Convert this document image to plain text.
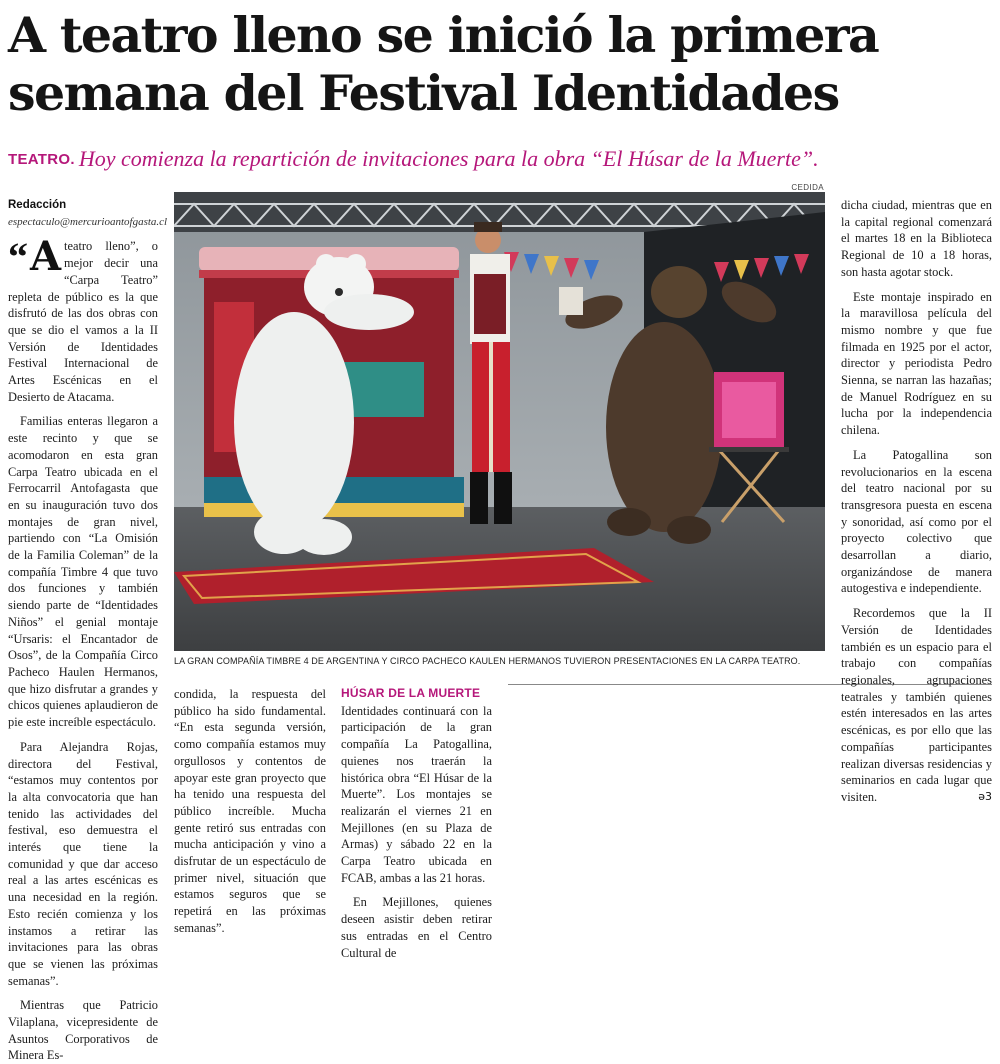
A teatro lleno se inició la primera semana del Festival Identidades
TEATRO. Hoy comienza la repartición de invitaciones para la obra “El Húsar de la Muerte”.
Redacción
espectaculo@mercurioantofgasta.cl

“ A teatro lleno”, o mejor decir una “Carpa Teatro” repleta de público es la que disfrutó de las dos obras con que se dio el vamos a la II Versión de Identidades Festival Internacional de Artes Escénicas en el Desierto de Atacama.

Familias enteras llegaron a este recinto y que se acomodaron en esta gran Carpa Teatro ubicada en el Ferrocarril Antofagasta que en su inauguración tuvo dos montajes de gran nivel, partiendo con “La Omisión de la Familia Coleman” de la compañía Timbre 4 que tuvo dos funciones y también siendo parte de “Identidades Niños” el genial montaje “Ursaris: el Encantador de Osos”, de la Compañía Circo Pacheco Haulen Hermanos, que hizo disfrutar a grandes y chicos quienes aplaudieron de pie este increíble espectáculo.

Para Alejandra Rojas, directora del Festival, “estamos muy contentos por la alta convocatoria que han tenido las actividades del festival, eso demuestra el interés que tiene la comunidad y que dar acceso real a las artes escénicas es una necesidad en la región. Esto recién comienza y los instamos a retirar las invitaciones para las obras que se vienen las próximas semanas”.

Mientras que Patricio Vilaplana, vicepresidente de Asuntos Corporativos de Minera Es-

CEDIDA
LA GRAN COMPAÑÍA TIMBRE 4 DE ARGENTINA Y CIRCO PACHECO KAULEN HERMANOS TUVIERON PRESENTACIONES EN LA CARPA TEATRO.

condida, la respuesta del público ha sido fundamental. “En esta segunda versión, como compañía estamos muy orgullosos y contentos de apoyar este gran proyecto que ha tenido una respuesta del público increíble. Mucha gente retiró sus entradas con mucha anticipación y vino a disfrutar de un espectáculo de primer nivel, situación que estamos seguros que se repetirá en las próximas semanas”.

HÚSAR DE LA MUERTE

Identidades continuará con la participación de la gran compañía La Patogallina, quienes nos traerán la histórica obra “El Húsar de la Muerte”. Los montajes se realizarán el viernes 21 en Mejillones (en su Plaza de Armas) y sábado 22 en la Carpa Teatro ubicada en FCAB, ambas a las 21 horas.

En Mejillones, quienes deseen asistir deben retirar sus entradas en el Centro Cultural de

dicha ciudad, mientras que en la capital regional comenzará el martes 18 en la Biblioteca Regional de 10 a 18 horas, son hasta agotar stock.

Este montaje inspirado en la maravillosa película del mismo nombre y que fue filmada en 1925 por el actor, director y periodista Pedro Sienna, se narran las hazañas; de Manuel Rodríguez en su lucha por la independencia chilena.

La Patogallina son revolucionarios en la escena del teatro nacional por su transgresora puesta en escena y sonoridad, así como por el proyecto colectivo que desarrollan a diario, organizándose de manera autogestiva e independiente.

Recordemos que la II Versión de Identidades también es un espacio para el trabajo con compañías regionales, agrupaciones teatrales y también quienes estén interesados en las artes escénicas, es por ello que las compañías participantes realizan diversas residencias y seminarios en cada lugar que visiten.	ǝ3
